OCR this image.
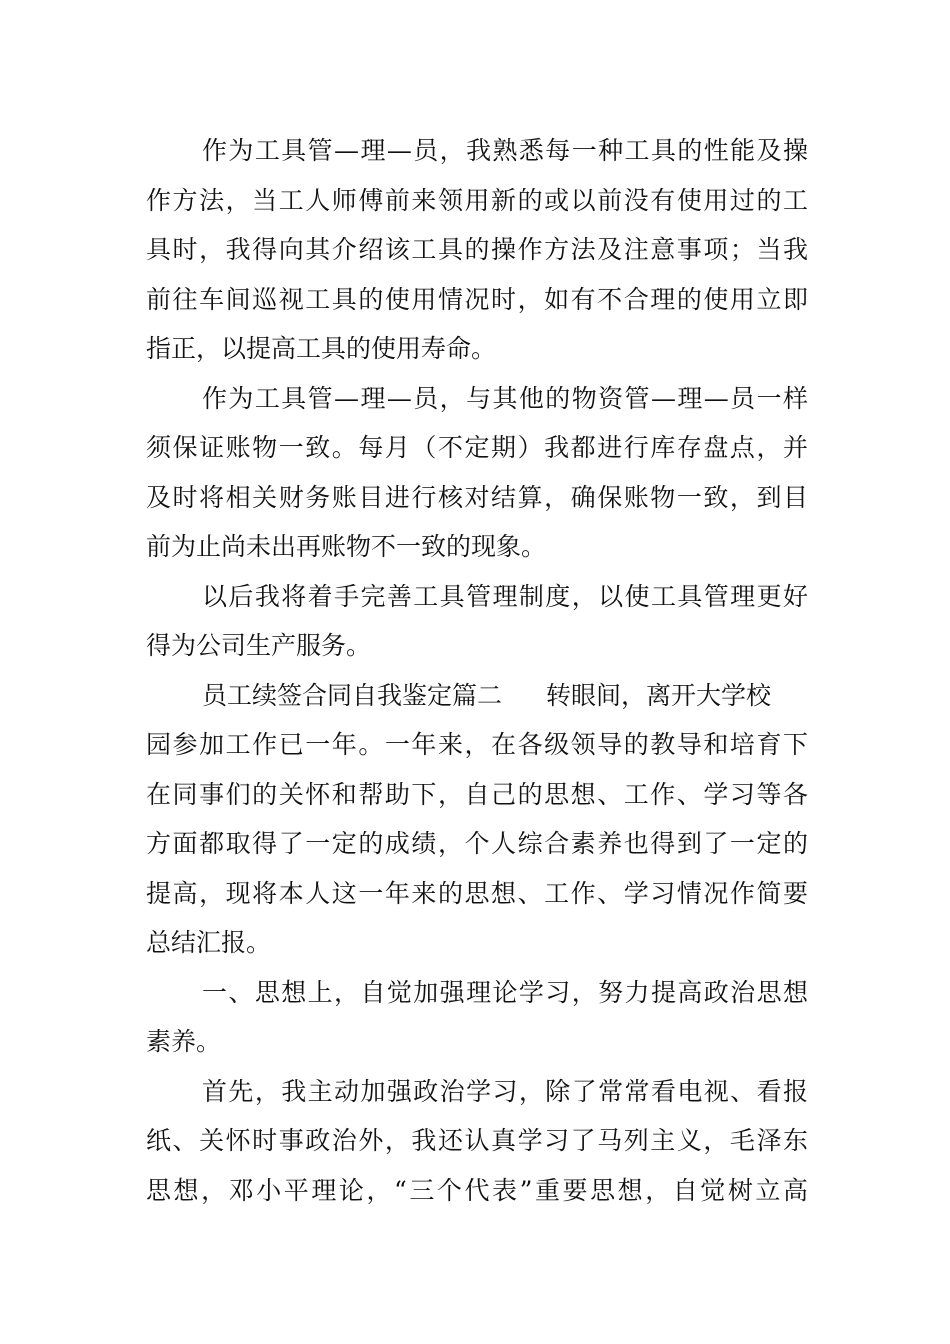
作为工具管—理—员，我熟悉每一种工具的性能及操
作方法，当工人师傅前来领用新的或以前没有使用过的工
具时，我得向其介绍该工具的操作方法及注意事项；当我
前往车间巡视工具的使用情况时，如有不合理的使用立即
指正，以提高工具的使用寿命。
作为工具管—理—员，与其他的物资管—理—员一样
须保证账物一致。每月（不定期）我都进行库存盘点，并
及时将相关财务账目进行核对结算，确保账物一致，到目
前为止尚未出再账物不一致的现象。
以后我将着手完善工具管理制度，以使工具管理更好
得为公司生产服务。
员工续签合同自我鉴定篇二 转眼间，离开大学校
园参加工作已一年。一年来，在各级领导的教导和培育下
在同事们的关怀和帮助下，自己的思想、工作、学习等各
方面都取得了一定的成绩，个人综合素养也得到了一定的
提高，现将本人这一年来的思想、工作、学习情况作简要
总结汇报。
一、思想上，自觉加强理论学习，努力提高政治思想
素养。
首先，我主动加强政治学习，除了常常看电视、看报
纸、关怀时事政治外，我还认真学习了马列主义，毛泽东
思想，邓小平理论，“三个代表”重要思想，自觉树立高
